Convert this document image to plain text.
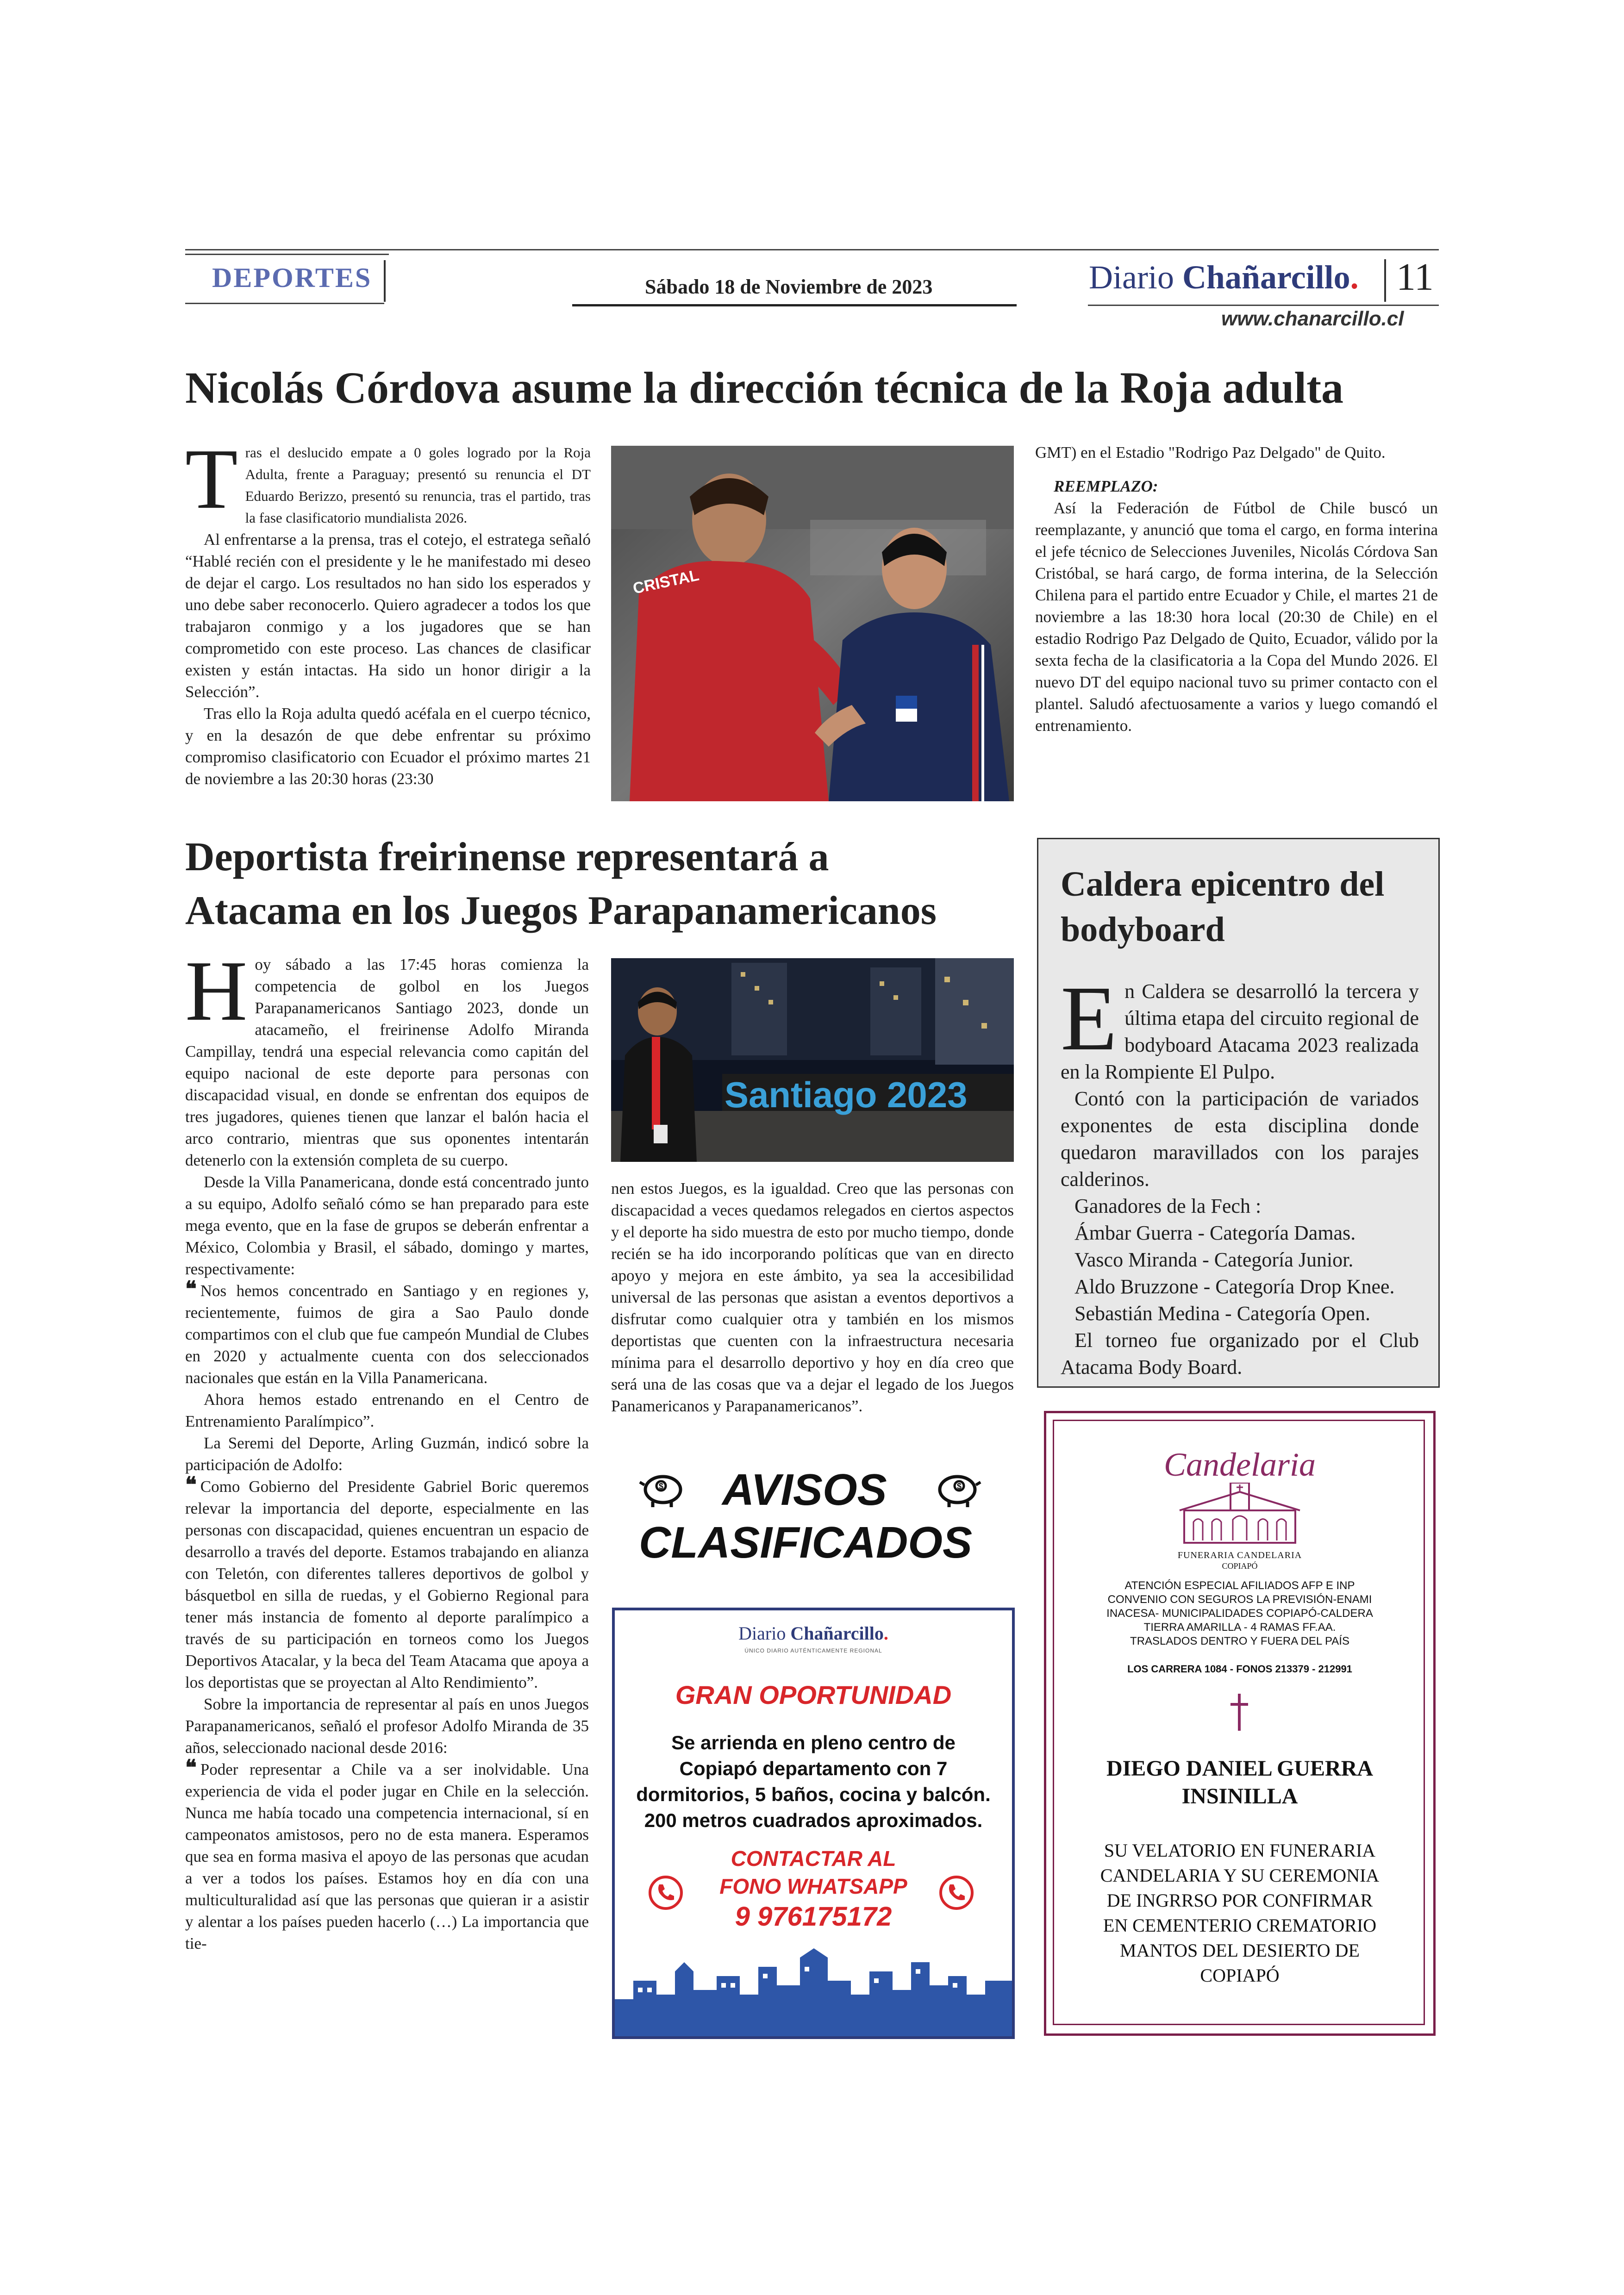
DEPORTES	Sábado 18 de Noviembre de 2023	Diario Chañarcillo. 11
www.chanarcillo.cl
Nicolás Córdova asume la dirección técnica de la Roja adulta
T ras el deslucido empate a 0 goles logrado por la Roja Adulta, frente a Paraguay; presentó su renuncia el DT Eduardo Berizzo, presentó su renuncia, tras el partido, tras la fase clasificatorio mundialista 2026.

Al enfrentarse a la prensa, tras el cotejo, el estratega señaló “Hablé recién con el presidente y le he manifestado mi deseo de dejar el cargo. Los resultados no han sido los esperados y uno debe saber reconocerlo. Quiero agradecer a todos los que trabajaron conmigo y a los jugadores que se han comprometido con este proceso. Las chances de clasificar existen y están intactas. Ha sido un honor dirigir a la Selección”.

Tras ello la Roja adulta quedó acéfala en el cuerpo técnico, y en la desazón de que debe enfrentar su próximo compromiso clasificatorio con Ecuador el próximo martes 21 de noviembre a las 20:30 horas (23:30

CRISTAL

GMT) en el Estadio "Rodrigo Paz Delgado" de Quito.

REEMPLAZO:

Así la Federación de Fútbol de Chile buscó un reemplazante, y anunció que toma el cargo, en forma interina el jefe técnico de Selecciones Juveniles, Nicolás Córdova San Cristóbal, se hará cargo, de forma interina, de la Selección Chilena para el partido entre Ecuador y Chile, el martes 21 de noviembre a las 18:30 hora local (20:30 de Chile) en el estadio Rodrigo Paz Delgado de Quito, Ecuador, válido por la sexta fecha de la clasificatoria a la Copa del Mundo 2026. El nuevo DT del equipo nacional tuvo su primer contacto con el plantel. Saludó afectuosamente a varios y luego comandó el entrenamiento.

Deportista freirinense representará a
Atacama en los Juegos Parapanamericanos
H oy sábado a las 17:45 horas comienza la competencia de golbol en los Juegos Parapanamericanos Santiago 2023, donde un atacameño, el freirinense Adolfo Miranda Campillay, tendrá una especial relevancia como capitán del equipo nacional de este deporte para personas con discapacidad visual, en donde se enfrentan dos equipos de tres jugadores, quienes tienen que lanzar el balón hacia el arco contrario, mientras que sus oponentes intentarán detenerlo con la extensión completa de su cuerpo.

Desde la Villa Panamericana, donde está concentrado junto a su equipo, Adolfo señaló cómo se han preparado para este mega evento, que en la fase de grupos se deberán enfrentar a México, Colombia y Brasil, el sábado, domingo y martes, respectivamente:

❝ Nos hemos concentrado en Santiago y en regiones y, recientemente, fuimos de gira a Sao Paulo donde compartimos con el club que fue campeón Mundial de Clubes en 2020 y actualmente cuenta con dos seleccionados nacionales que están en la Villa Panamericana.

Ahora hemos estado entrenando en el Centro de Entrenamiento Paralímpico”.

La Seremi del Deporte, Arling Guzmán, indicó sobre la participación de Adolfo:

❝ Como Gobierno del Presidente Gabriel Boric queremos relevar la importancia del deporte, especialmente en las personas con discapacidad, quienes encuentran un espacio de desarrollo a través del deporte. Estamos trabajando en alianza con Teletón, con diferentes talleres deportivos de golbol y básquetbol en silla de ruedas, y el Gobierno Regional para tener más instancia de fomento al deporte paralímpico a través de su participación en torneos como los Juegos Deportivos Atacalar, y la beca del Team Atacama que apoya a los deportistas que se proyectan al Alto Rendimiento”.

Sobre la importancia de representar al país en unos Juegos Parapanamericanos, señaló el profesor Adolfo Miranda de 35 años, seleccionado nacional desde 2016:

❝ Poder representar a Chile va a ser inolvidable. Una experiencia de vida el poder jugar en Chile en la selección. Nunca me había tocado una competencia internacional, sí en campeonatos amistosos, pero no de esta manera. Esperamos que sea en forma masiva el apoyo de las personas que acudan a ver a todos los países. Estamos hoy en día con una multiculturalidad así que las personas que quieran ir a asistir y alentar a los países pueden hacerlo (…) La importancia que tie-

Santiago 2023

nen estos Juegos, es la igualdad. Creo que las personas con discapacidad a veces quedamos relegados en ciertos aspectos y el deporte ha sido muestra de esto por mucho tiempo, donde recién se ha ido incorporando políticas que van en directo apoyo y mejora en este ámbito, ya sea la accesibilidad universal de las personas que asistan a eventos deportivos a disfrutar como cualquier otra y también en los mismos deportistas que cuenten con la infraestructura necesaria mínima para el desarrollo deportivo y hoy en día creo que será una de las cosas que va a dejar el legado de los Juegos Panamericanos y Parapanamericanos”.

$ AVISOS	$
CLASIFICADOS
Diario Chañarcillo.
ÚNICO DIARIO AUTÉNTICAMENTE REGIONAL
GRAN OPORTUNIDAD
Se arrienda en pleno centro de
Copiapó departamento con 7
dormitorios, 5 baños, cocina y balcón.
200 metros cuadrados aproximados.
CONTACTAR AL
FONO WHATSAPP
9 976175172
Caldera epicentro del
bodyboard
E n Caldera se desarrolló la tercera y última etapa del circuito regional de bodyboard Atacama 2023 realizada en la Rompiente El Pulpo.

Contó con la participación de variados exponentes de esta disciplina donde quedaron maravillados con los parajes calderinos.

Ganadores de la Fech :

Ámbar Guerra - Categoría Damas.

Vasco Miranda - Categoría Junior.

Aldo Bruzzone - Categoría Drop Knee.

Sebastián Medina - Categoría Open.

El torneo fue organizado por el Club Atacama Body Board.

Candelaria
FUNERARIA CANDELARIA
COPIAPÓ
ATENCIÓN ESPECIAL AFILIADOS AFP E INP
CONVENIO CON SEGUROS LA PREVISIÓN-ENAMI
INACESA- MUNICIPALIDADES COPIAPÓ-CALDERA
TIERRA AMARILLA - 4 RAMAS FF.AA.
TRASLADOS DENTRO Y FUERA DEL PAÍS
LOS CARRERA 1084 - FONOS 213379 - 212991
DIEGO DANIEL GUERRA
INSINILLA
SU VELATORIO EN FUNERARIA
CANDELARIA Y SU CEREMONIA
DE INGRRSO POR CONFIRMAR
EN CEMENTERIO CREMATORIO
MANTOS DEL DESIERTO DE
COPIAPÓ
